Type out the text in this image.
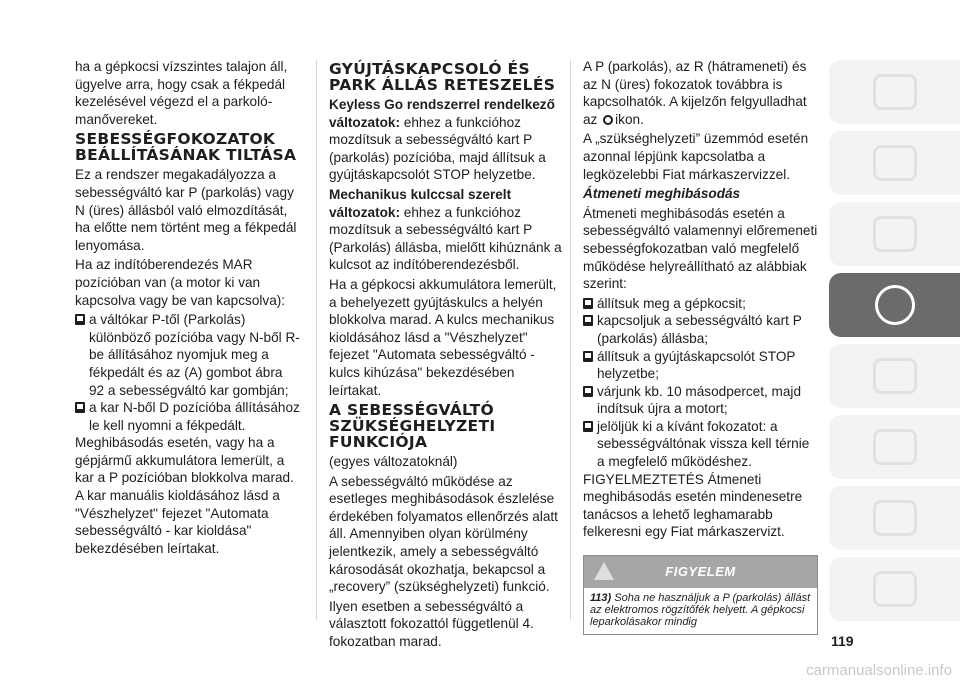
ha a gépkocsi vízszintes talajon áll, ügyelve arra, hogy csak a fékpedál kezelésével végezd el a parkoló-manővereket.

SEBESSÉGFOKOZATOK BEÁLLÍTÁSÁNAK TILTÁSA

Ez a rendszer megakadályozza a sebességváltó kar P (parkolás) vagy N (üres) állásból való elmozdítását, ha előtte nem történt meg a fékpedál lenyomása.

Ha az indítóberendezés MAR pozícióban van (a motor ki van kapcsolva vagy be van kapcsolva):

a váltókar P-től (Parkolás) különböző pozícióba vagy N-ből R-be állításához nyomjuk meg a fékpedált és az (A) gombot ábra 92 a sebességváltó kar gombján;
a kar N-ből D pozícióba állításához le kell nyomni a fékpedált.

Meghibásodás esetén, vagy ha a gépjármű akkumulátora lemerült, a kar a P pozícióban blokkolva marad. A kar manuális kioldásához lásd a "Vészhelyzet" fejezet "Automata sebességváltó - kar kioldása" bekezdésében leírtakat.

GYÚJTÁSKAPCSOLÓ ÉS PARK ÁLLÁS RETESZELÉS

Keyless Go rendszerrel rendelkező változatok: ehhez a funkcióhoz mozdítsuk a sebességváltó kart P (parkolás) pozícióba, majd állítsuk a gyújtáskapcsolót STOP helyzetbe.

Mechanikus kulccsal szerelt változatok: ehhez a funkcióhoz mozdítsuk a sebességváltó kart P (Parkolás) állásba, mielőtt kihúznánk a kulcsot az indítóberendezésből.

Ha a gépkocsi akkumulátora lemerült, a behelyezett gyújtáskulcs a helyén blokkolva marad. A kulcs mechanikus kioldásához lásd a "Vészhelyzet" fejezet "Automata sebességváltó - kulcs kihúzása" bekezdésében leírtakat.

A SEBESSÉGVÁLTÓ SZÜKSÉGHELYZETI FUNKCIÓJA

(egyes változatoknál)

A sebességváltó működése az esetleges meghibásodások észlelése érdekében folyamatos ellenőrzés alatt áll. Amennyiben olyan körülmény jelentkezik, amely a sebességváltó károsodását okozhatja, bekapcsol a „recovery” (szükséghelyzeti) funkció.

Ilyen esetben a sebességváltó a választott fokozattól függetlenül 4. fokozatban marad.

A P (parkolás), az R (hátrameneti) és az N (üres) fokozatok továbbra is kapcsolhatók. A kijelzőn felgyulladhat az ikon.

A „szükséghelyzeti” üzemmód esetén azonnal lépjünk kapcsolatba a legközelebbi Fiat márkaszervizzel.

Átmeneti meghibásodás

Átmeneti meghibásodás esetén a sebességváltó valamennyi előremeneti sebességfokozatban való megfelelő működése helyreállítható az alábbiak szerint:

állítsuk meg a gépkocsit;
kapcsoljuk a sebességváltó kart P (parkolás) állásba;
állítsuk a gyújtáskapcsolót STOP helyzetbe;
várjunk kb. 10 másodpercet, majd indítsuk újra a motort;
jelöljük ki a kívánt fokozatot: a sebességváltónak vissza kell térnie a megfelelő működéshez.

FIGYELMEZTETÉS Átmeneti meghibásodás esetén mindenesetre tanácsos a lehető leghamarabb felkeresni egy Fiat márkaszervizt.

FIGYELEM
113) Soha ne használjuk a P (parkolás) állást az elektromos rögzítőfék helyett. A gépkocsi leparkolásakor mindig
119
carmanualsonline.info
